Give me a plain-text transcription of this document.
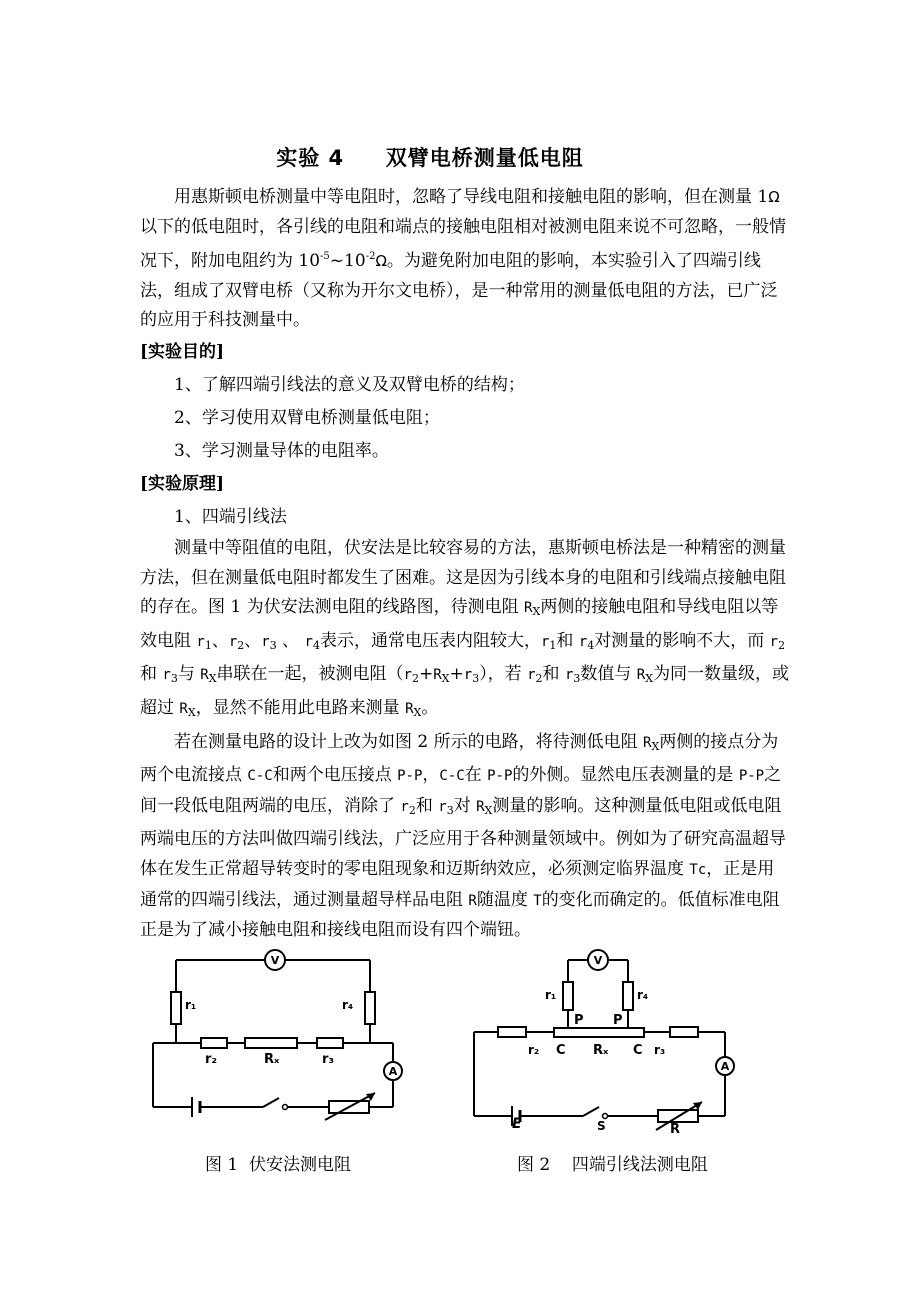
实验 4     双臂电桥测量低电阻

用惠斯顿电桥测量中等电阻时，忽略了导线电阻和接触电阻的影响，但在测量 1Ω以下的低电阻时，各引线的电阻和端点的接触电阻相对被测电阻来说不可忽略，一般情况下，附加电阻约为 $10^{-5}\sim 10^{-2}\Omega$。为避免附加电阻的影响，本实验引入了四端引线法，组成了双臂电桥（又称为开尔文电桥），是一种常用的测量低电阻的方法，已广泛的应用于科技测量中。

[实验目的]

1、了解四端引线法的意义及双臂电桥的结构；

2、学习使用双臂电桥测量低电阻；

3、学习测量导体的电阻率。

[实验原理]

1、四端引线法

测量中等阻值的电阻，伏安法是比较容易的方法，惠斯顿电桥法是一种精密的测量方法，但在测量低电阻时都发生了困难。这是因为引线本身的电阻和引线端点接触电阻的存在。图 1 为伏安法测电阻的线路图，待测电阻 $R_X$两侧的接触电阻和导线电阻以等效电阻 $r_1$、$r_2$、$r_3$ 、 $r_4$表示，通常电压表内阻较大，$r_1$和 $r_4$对测量的影响不大，而 $r_2$和 $r_3$与 $R_X$串联在一起，被测电阻$(r_2+R_X+r_3)$，若 $r_2$和 $r_3$数值与 $R_X$为同一数量级，或超过 $R_X$，显然不能用此电路来测量 $R_X$。

若在测量电路的设计上改为如图 2 所示的电路，将待测低电阻 $R_X$两侧的接点分为两个电流接点 C-C和两个电压接点 P-P，C-C在 P-P的外侧。显然电压表测量的是 P-P之间一段低电阻两端的电压，消除了 $r_2$和 $r_3$对 $R_X$测量的影响。这种测量低电阻或低电阻两端电压的方法叫做四端引线法，广泛应用于各种测量领域中。例如为了研究高温超导体在发生正常超导转变时的零电阻现象和迈斯纳效应，必须测定临界温度 Tc，正是用通常的四端引线法，通过测量超导样品电阻 R随温度 T的变化而确定的。低值标准电阻正是为了减小接触电阻和接线电阻而设有四个端钮。

V
A
r₁	r₄
r₂	Rₓ	r₃
V
A
r₁	r₄
P P
r₂ C Rₓ C r₃
E	S	R
图 1  伏安法测电阻	图 2    四端引线法测电阻
